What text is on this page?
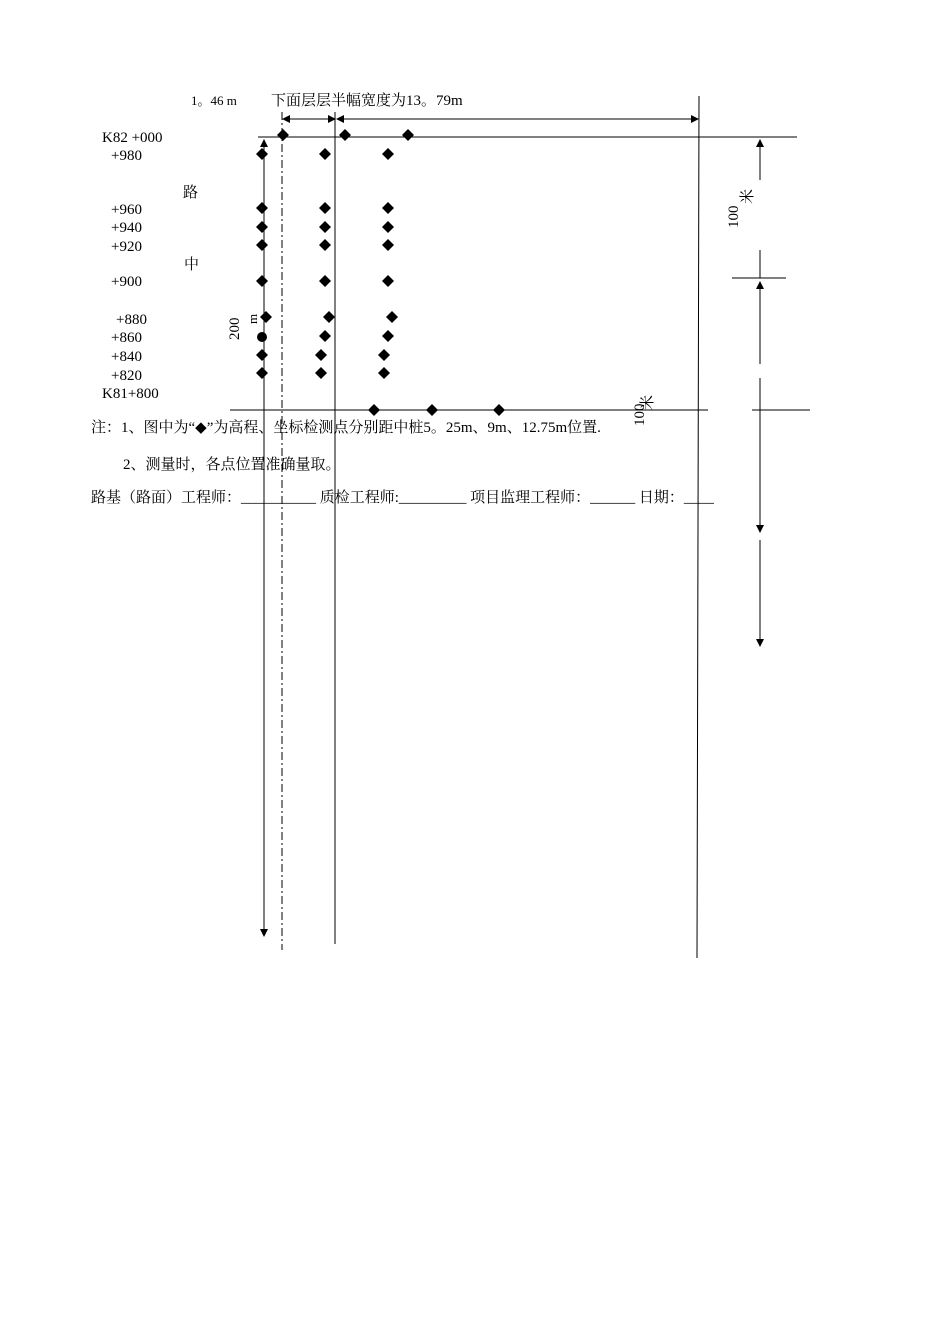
1。46 m 下面层层半幅宽度为13。79m
200 m
100
米
100
米
K82 +000
+980
+960
+940
+920
+900
+880
+860
+840
+820
K81+800
路
中
注：1、图中为“◆”为高程、坐标检测点分别距中桩5。25m、9m、12.75m位置.
2、测量时，各点位置准确量取。
路基（路面）工程师：__________ 质检工程师:_________ 项目监理工程师：______ 日期：____
